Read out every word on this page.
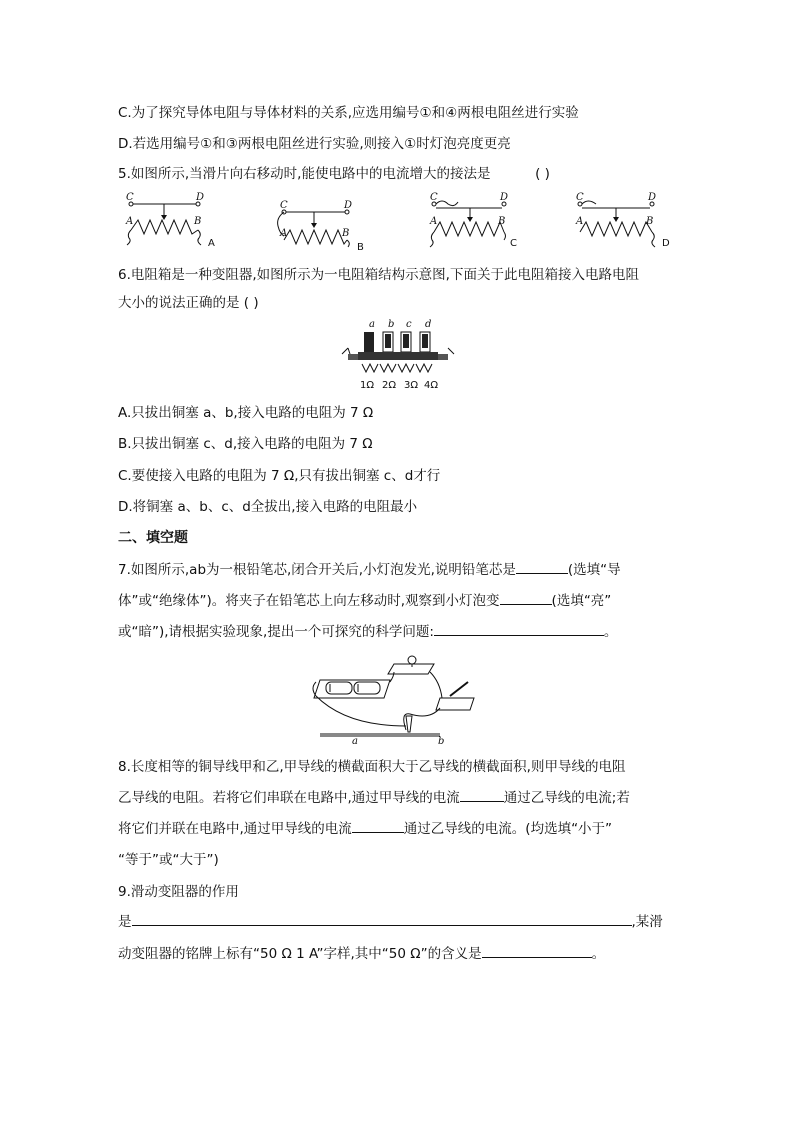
C.为了探究导体电阻与导体材料的关系,应选用编号①和④两根电阻丝进行实验
D.若选用编号①和③两根电阻丝进行实验,则接入①时灯泡亮度更亮
5.如图所示,当滑片向右移动时,能使电路中的电流增大的接法是	( )
C	D
A	B
A
C	D
A	B
B
C	D
A	B
C
C	D
A	B
D
6.电阻箱是一种变阻器,如图所示为一电阻箱结构示意图,下面关于此电阻箱接入电路电阻
大小的说法正确的是 ( )
a b c d
1Ω 2Ω 3Ω 4Ω
A.只拔出铜塞 a、b,接入电路的电阻为 7 Ω
B.只拔出铜塞 c、d,接入电路的电阻为 7 Ω
C.要使接入电路的电阻为 7 Ω,只有拔出铜塞 c、d才行
D.将铜塞 a、b、c、d全拔出,接入电路的电阻最小
二、填空题
7.如图所示,ab为一根铅笔芯,闭合开关后,小灯泡发光,说明铅笔芯是	(选填“导
体”或“绝缘体”)。将夹子在铅笔芯上向左移动时,观察到小灯泡变	(选填“亮”
或“暗”),请根据实验现象,提出一个可探究的科学问题:	。
a	b
8.长度相等的铜导线甲和乙,甲导线的横截面积大于乙导线的横截面积,则甲导线的电阻
乙导线的电阻。若将它们串联在电路中,通过甲导线的电流	通过乙导线的电流;若
将它们并联在电路中,通过甲导线的电流	通过乙导线的电流。(均选填“小于”
“等于”或“大于”)
9.滑动变阻器的作用
是	,某滑
动变阻器的铭牌上标有“50 Ω 1 A”字样,其中“50 Ω”的含义是	。
